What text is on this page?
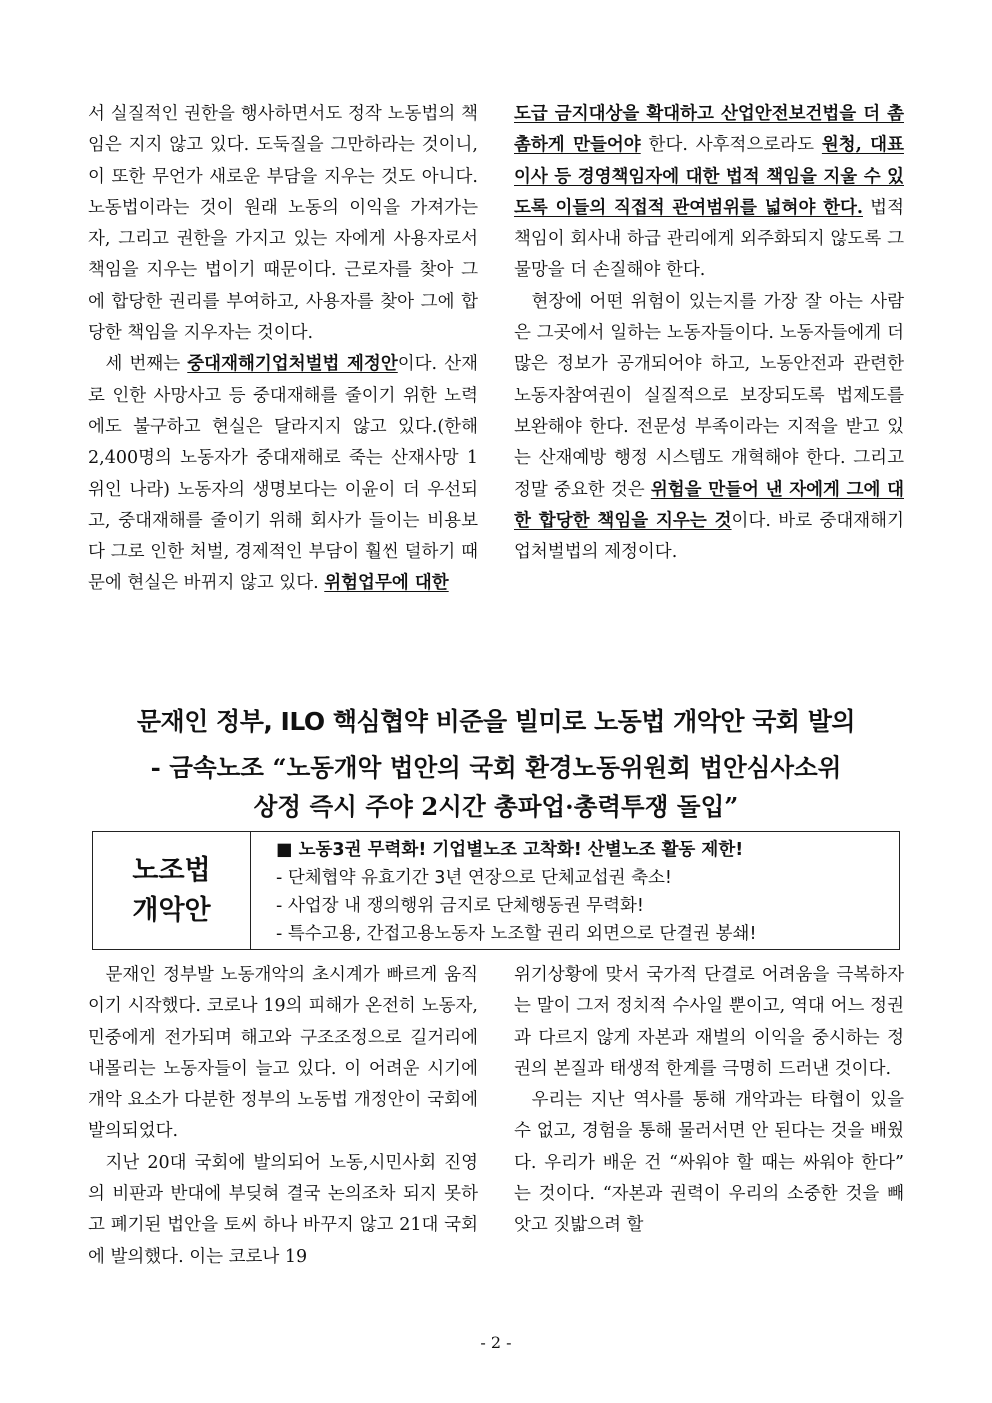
서 실질적인 권한을 행사하면서도 정작 노동법의 책임은 지지 않고 있다. 도둑질을 그만하라는 것이니, 이 또한 무언가 새로운 부담을 지우는 것도 아니다. 노동법이라는 것이 원래 노동의 이익을 가져가는 자, 그리고 권한을 가지고 있는 자에게 사용자로서 책임을 지우는 법이기 때문이다. 근로자를 찾아 그에 합당한 권리를 부여하고, 사용자를 찾아 그에 합당한 책임을 지우자는 것이다.

세 번째는 중대재해기업처벌법 제정안이다. 산재로 인한 사망사고 등 중대재해를 줄이기 위한 노력에도 불구하고 현실은 달라지지 않고 있다.(한해 2,400명의 노동자가 중대재해로 죽는 산재사망 1위인 나라) 노동자의 생명보다는 이윤이 더 우선되고, 중대재해를 줄이기 위해 회사가 들이는 비용보다 그로 인한 처벌, 경제적인 부담이 훨씬 덜하기 때문에 현실은 바뀌지 않고 있다. 위험업무에 대한

도급 금지대상을 확대하고 산업안전보건법을 더 촘촘하게 만들어야 한다. 사후적으로라도 원청, 대표이사 등 경영책임자에 대한 법적 책임을 지울 수 있도록 이들의 직접적 관여범위를 넓혀야 한다. 법적 책임이 회사내 하급 관리에게 외주화되지 않도록 그물망을 더 손질해야 한다.

현장에 어떤 위험이 있는지를 가장 잘 아는 사람은 그곳에서 일하는 노동자들이다. 노동자들에게 더 많은 정보가 공개되어야 하고, 노동안전과 관련한 노동자참여권이 실질적으로 보장되도록 법제도를 보완해야 한다. 전문성 부족이라는 지적을 받고 있는 산재예방 행정 시스템도 개혁해야 한다. 그리고 정말 중요한 것은 위험을 만들어 낸 자에게 그에 대한 합당한 책임을 지우는 것이다. 바로 중대재해기업처벌법의 제정이다.

문재인 정부, ILO 핵심협약 비준을 빌미로 노동법 개악안 국회 발의
- 금속노조 “노동개악 법안의 국회 환경노동위원회 법안심사소위
상정 즉시 주야 2시간 총파업·총력투쟁 돌입”
노조법
개악안
■ 노동3권 무력화! 기업별노조 고착화! 산별노조 활동 제한!
- 단체협약 유효기간 3년 연장으로 단체교섭권 축소!
- 사업장 내 쟁의행위 금지로 단체행동권 무력화!
- 특수고용, 간접고용노동자 노조할 권리 외면으로 단결권 봉쇄!

문재인 정부발 노동개악의 초시계가 빠르게 움직이기 시작했다. 코로나 19의 피해가 온전히 노동자, 민중에게 전가되며 해고와 구조조정으로 길거리에 내몰리는 노동자들이 늘고 있다. 이 어려운 시기에 개악 요소가 다분한 정부의 노동법 개정안이 국회에 발의되었다.

지난 20대 국회에 발의되어 노동,시민사회 진영의 비판과 반대에 부딪혀 결국 논의조차 되지 못하고 폐기된 법안을 토씨 하나 바꾸지 않고 21대 국회에 발의했다. 이는 코로나 19

위기상황에 맞서 국가적 단결로 어려움을 극복하자는 말이 그저 정치적 수사일 뿐이고, 역대 어느 정권과 다르지 않게 자본과 재벌의 이익을 중시하는 정권의 본질과 태생적 한계를 극명히 드러낸 것이다.

우리는 지난 역사를 통해 개악과는 타협이 있을 수 없고, 경험을 통해 물러서면 안 된다는 것을 배웠다. 우리가 배운 건 “싸워야 할 때는 싸워야 한다” 는 것이다. “자본과 권력이 우리의 소중한 것을 빼앗고 짓밟으려 할

- 2 -
